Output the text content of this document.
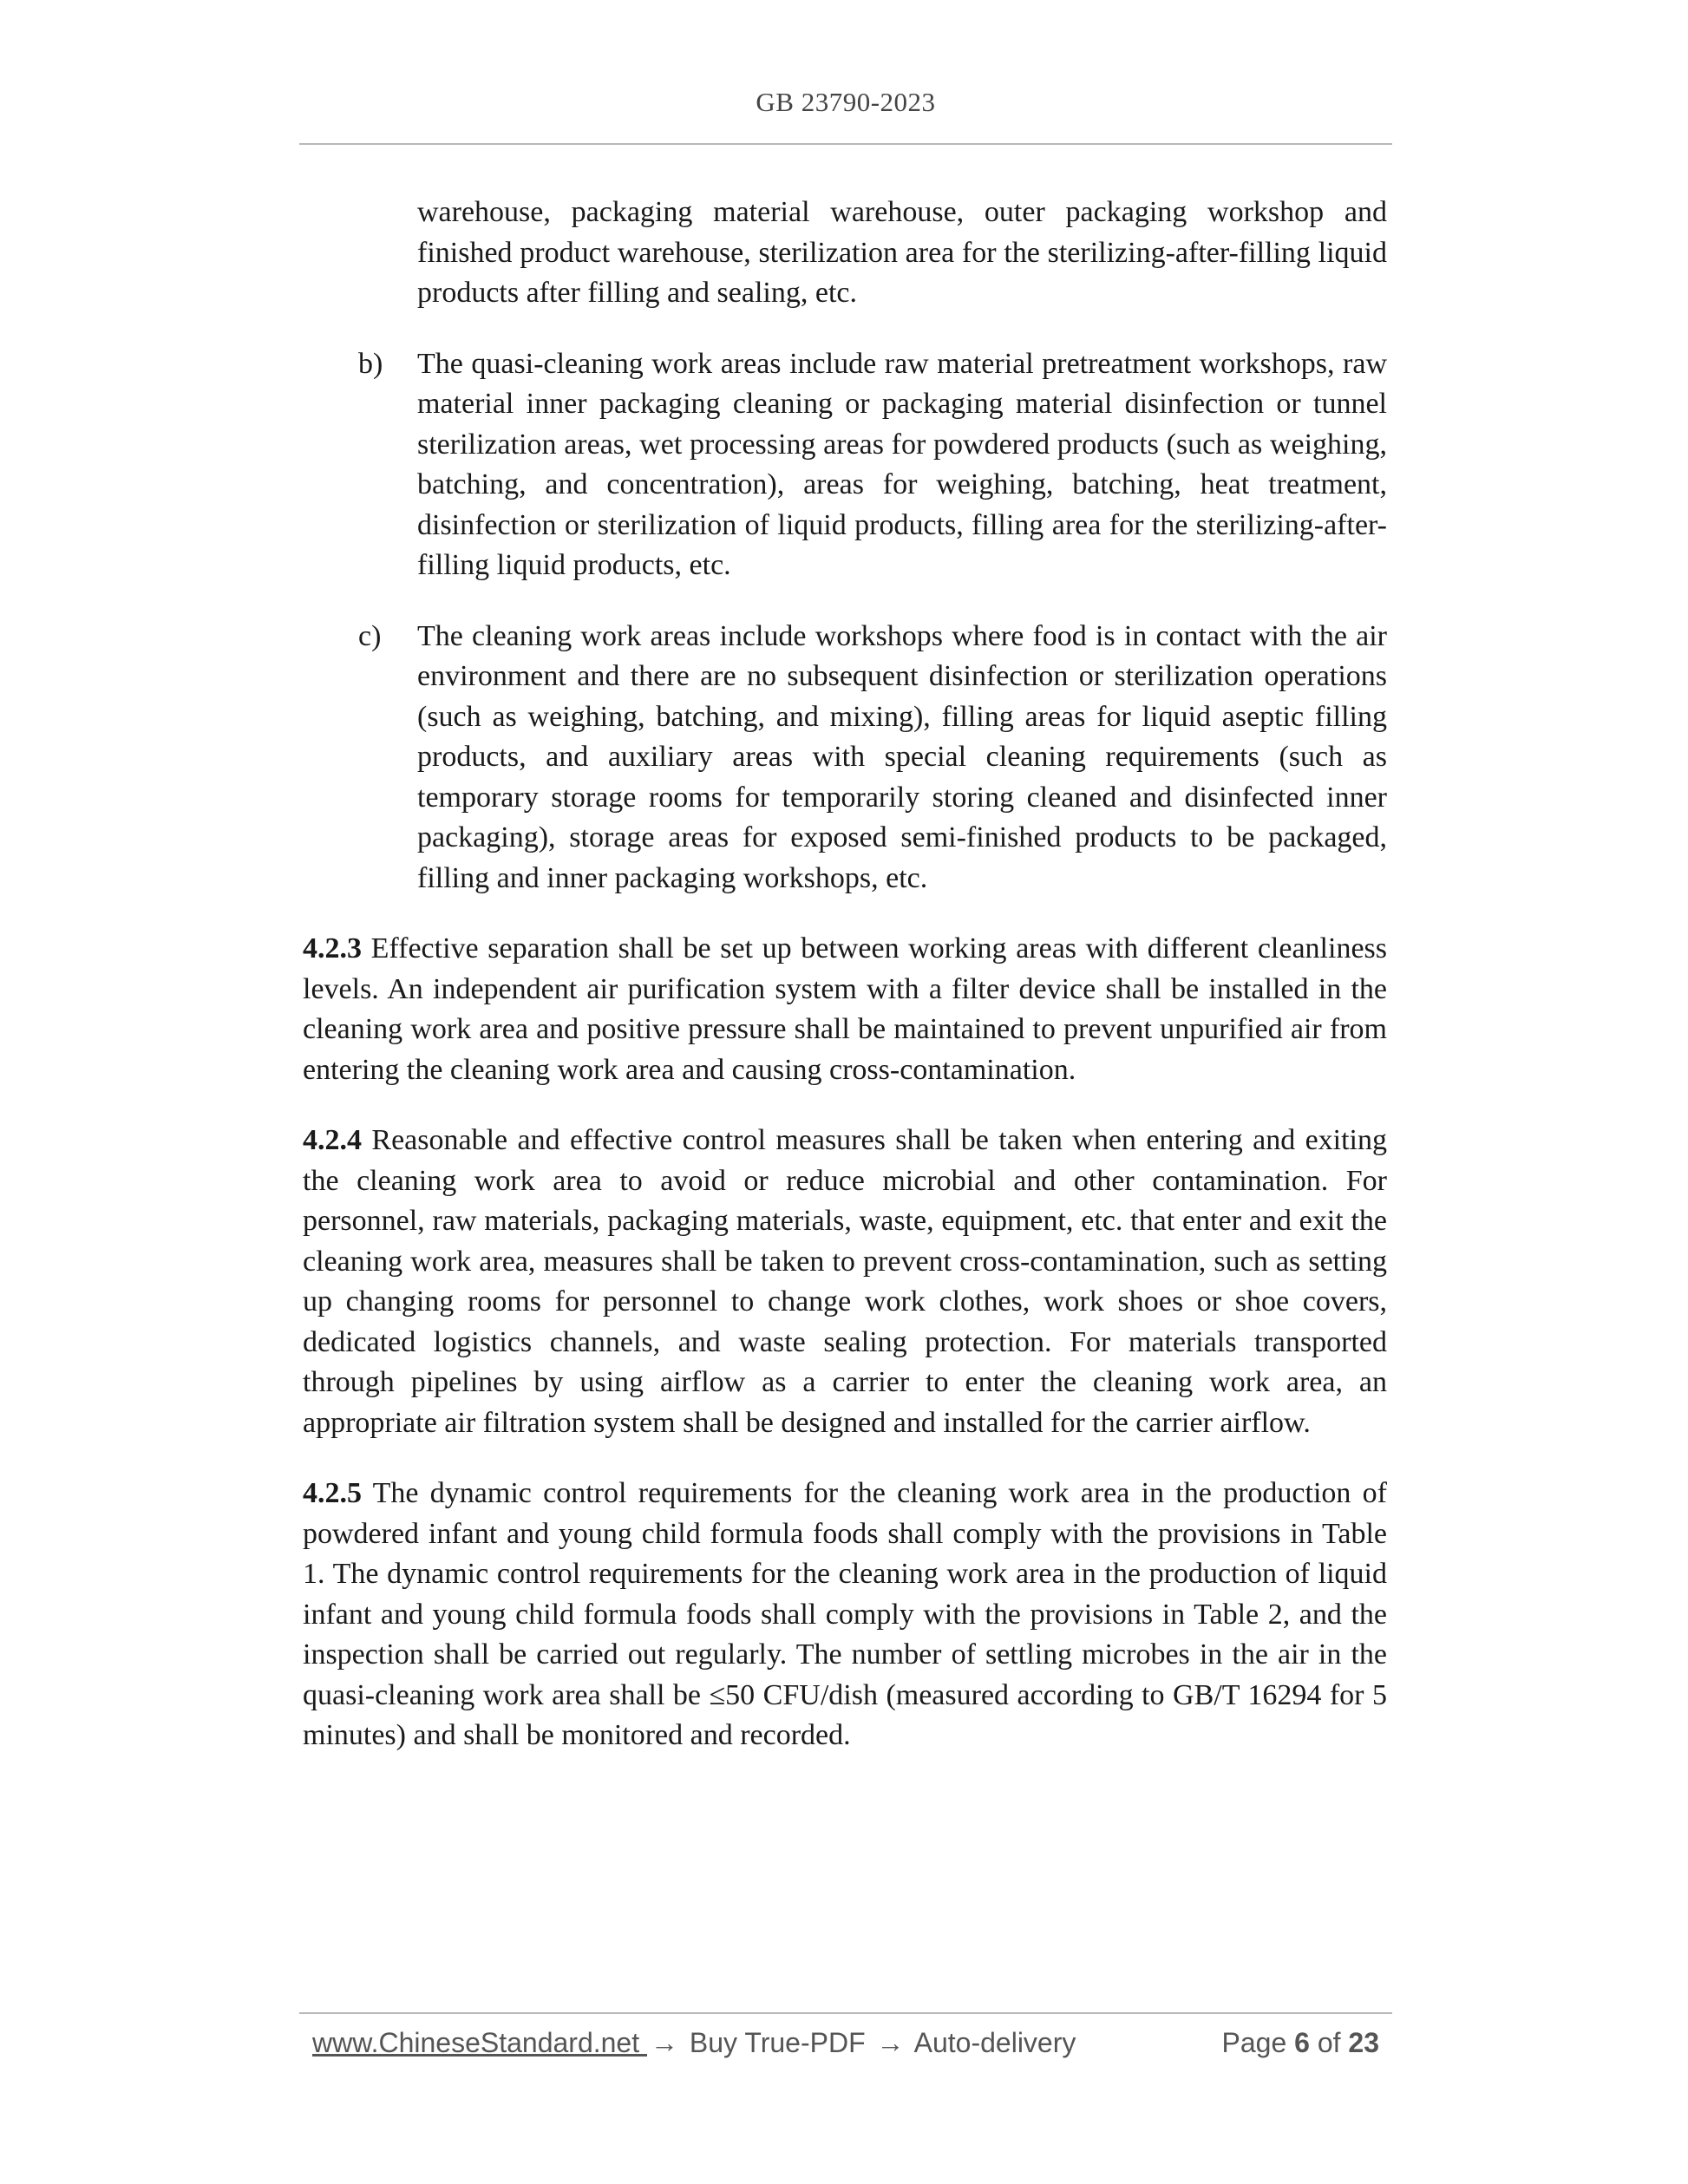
GB 23790-2023

warehouse, packaging material warehouse, outer packaging workshop and finished product warehouse, sterilization area for the sterilizing-after-filling liquid products after filling and sealing, etc.

b) The quasi-cleaning work areas include raw material pretreatment workshops, raw material inner packaging cleaning or packaging material disinfection or tunnel sterilization areas, wet processing areas for powdered products (such as weighing, batching, and concentration), areas for weighing, batching, heat treatment, disinfection or sterilization of liquid products, filling area for the sterilizing-after-filling liquid products, etc.

c) The cleaning work areas include workshops where food is in contact with the air environment and there are no subsequent disinfection or sterilization operations (such as weighing, batching, and mixing), filling areas for liquid aseptic filling products, and auxiliary areas with special cleaning requirements (such as temporary storage rooms for temporarily storing cleaned and disinfected inner packaging), storage areas for exposed semi-finished products to be packaged, filling and inner packaging workshops, etc.

4.2.3 Effective separation shall be set up between working areas with different cleanliness levels. An independent air purification system with a filter device shall be installed in the cleaning work area and positive pressure shall be maintained to prevent unpurified air from entering the cleaning work area and causing cross-contamination.

4.2.4 Reasonable and effective control measures shall be taken when entering and exiting the cleaning work area to avoid or reduce microbial and other contamination. For personnel, raw materials, packaging materials, waste, equipment, etc. that enter and exit the cleaning work area, measures shall be taken to prevent cross-contamination, such as setting up changing rooms for personnel to change work clothes, work shoes or shoe covers, dedicated logistics channels, and waste sealing protection. For materials transported through pipelines by using airflow as a carrier to enter the cleaning work area, an appropriate air filtration system shall be designed and installed for the carrier airflow.

4.2.5 The dynamic control requirements for the cleaning work area in the production of powdered infant and young child formula foods shall comply with the provisions in Table 1. The dynamic control requirements for the cleaning work area in the production of liquid infant and young child formula foods shall comply with the provisions in Table 2, and the inspection shall be carried out regularly. The number of settling microbes in the air in the quasi-cleaning work area shall be ≤50 CFU/dish (measured according to GB/T 16294 for 5 minutes) and shall be monitored and recorded.

www.ChineseStandard.net → Buy True-PDF → Auto-delivery	Page 6 of 23
